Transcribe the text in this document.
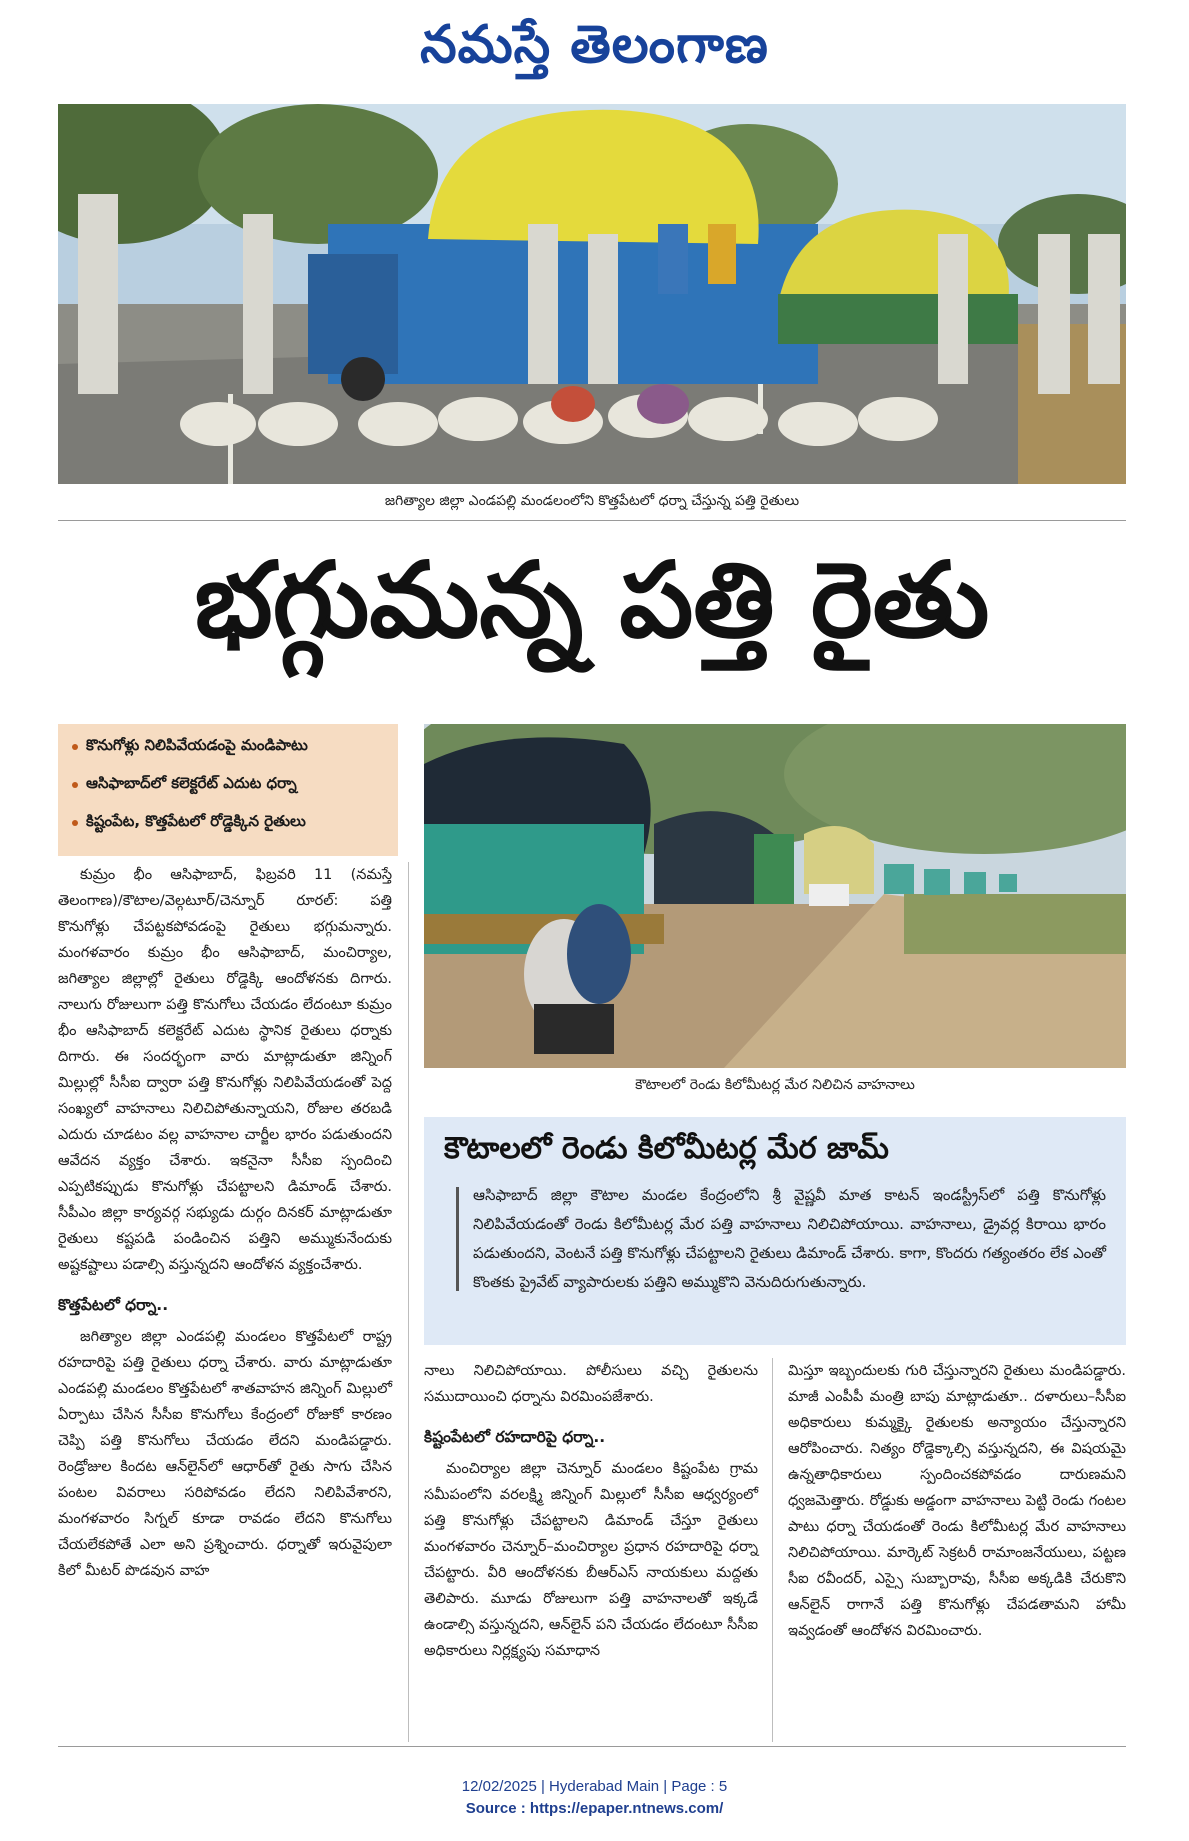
నమస్తే తెలంగాణ
జగిత్యాల జిల్లా ఎండపల్లి మండలంలోని కొత్తపేటలో ధర్నా చేస్తున్న పత్తి రైతులు
భగ్గుమన్న పత్తి రైతు
కొనుగోళ్లు నిలిపివేయడంపై మండిపాటు
ఆసిఫాబాద్‌లో కలెక్టరేట్ ఎదుట ధర్నా
కిష్టంపేట, కొత్తపేటలో రోడ్డెక్కిన రైతులు
కౌటాలలో రెండు కిలోమీటర్ల మేర నిలిచిన వాహనాలు

కుమ్రం భీం ఆసిఫాబాద్, ఫిబ్రవరి 11 (నమస్తే తెలంగాణ)/కౌటాల/వెల్గటూర్/చెన్నూర్ రూరల్: పత్తి కొనుగోళ్లు చేపట్టకపోవడంపై రైతులు భగ్గుమన్నారు. మంగళవారం కుమ్రం భీం ఆసిఫాబాద్, మంచిర్యాల, జగిత్యాల జిల్లాల్లో రైతులు రోడ్డెక్కి ఆందోళనకు దిగారు. నాలుగు రోజులుగా పత్తి కొనుగోలు చేయడం లేదంటూ కుమ్రం భీం ఆసిఫాబాద్ కలెక్టరేట్ ఎదుట స్థానిక రైతులు ధర్నాకు దిగారు. ఈ సందర్భంగా వారు మాట్లాడుతూ జిన్నింగ్ మిల్లుల్లో సీసీఐ ద్వారా పత్తి కొనుగోళ్లు నిలిపివేయడంతో పెద్ద సంఖ్యలో వాహనాలు నిలిచిపోతున్నాయని, రోజుల తరబడి ఎదురు చూడటం వల్ల వాహనాల చార్జీల భారం పడుతుందని ఆవేదన వ్యక్తం చేశారు. ఇకనైనా సీసీఐ స్పందించి ఎప్పటికప్పుడు కొనుగోళ్లు చేపట్టాలని డిమాండ్ చేశారు. సీపీఎం జిల్లా కార్యవర్గ సభ్యుడు దుర్గం దినకర్ మాట్లాడుతూ రైతులు కష్టపడి పండించిన పత్తిని అమ్ముకునేందుకు అష్టకష్టాలు పడాల్సి వస్తున్నదని ఆందోళన వ్యక్తంచేశారు.

కొత్తపేటలో ధర్నా..

జగిత్యాల జిల్లా ఎండపల్లి మండలం కొత్తపేటలో రాష్ట్ర రహదారిపై పత్తి రైతులు ధర్నా చేశారు. వారు మాట్లాడుతూ ఎండపల్లి మండలం కొత్తపేటలో శాతవాహన జిన్నింగ్ మిల్లులో ఏర్పాటు చేసిన సీసీఐ కొనుగోలు కేంద్రంలో రోజుకో కారణం చెప్పి పత్తి కొనుగోలు చేయడం లేదని మండిపడ్డారు. రెండ్రోజుల కిందట ఆన్‌లైన్‌లో ఆధార్‌తో రైతు సాగు చేసిన పంటల వివరాలు సరిపోవడం లేదని నిలిపివేశారని, మంగళవారం సిగ్నల్ కూడా రావడం లేదని కొనుగోలు చేయలేకపోతే ఎలా అని ప్రశ్నించారు. ధర్నాతో ఇరువైపులా కిలో మీటర్ పొడవున వాహ

కౌటాలలో రెండు కిలోమీటర్ల మేర జామ్
ఆసిఫాబాద్ జిల్లా కౌటాల మండల కేంద్రంలోని శ్రీ వైష్ణవీ మాత కాటన్ ఇండస్ట్రీస్‌లో పత్తి కొనుగోళ్లు నిలిపివేయడంతో రెండు కిలోమీటర్ల మేర పత్తి వాహనాలు నిలిచిపోయాయి. వాహనాలు, డ్రైవర్ల కిరాయి భారం పడుతుందని, వెంటనే పత్తి కొనుగోళ్లు చేపట్టాలని రైతులు డిమాండ్ చేశారు. కాగా, కొందరు గత్యంతరం లేక ఎంతో కొంతకు ప్రైవేట్ వ్యాపారులకు పత్తిని అమ్ముకొని వెనుదిరుగుతున్నారు.

నాలు నిలిచిపోయాయి. పోలీసులు వచ్చి రైతులను సముదాయించి ధర్నాను విరమింపజేశారు.

కిష్టంపేటలో రహదారిపై ధర్నా..

మంచిర్యాల జిల్లా చెన్నూర్ మండలం కిష్టంపేట గ్రామ సమీపంలోని వరలక్ష్మి జిన్నింగ్ మిల్లులో సీసీఐ ఆధ్వర్యంలో పత్తి కొనుగోళ్లు చేపట్టాలని డిమాండ్ చేస్తూ రైతులు మంగళవారం చెన్నూర్–మంచిర్యాల ప్రధాన రహదారిపై ధర్నా చేపట్టారు. వీరి ఆందోళనకు బీఆర్‌ఎస్ నాయకులు మద్దతు తెలిపారు. మూడు రోజులుగా పత్తి వాహనాలతో ఇక్కడే ఉండాల్సి వస్తున్నదని, ఆన్‌లైన్ పని చేయడం లేదంటూ సీసీఐ అధికారులు నిర్లక్ష్యపు సమాధాన

మిస్తూ ఇబ్బందులకు గురి చేస్తున్నారని రైతులు మండిపడ్డారు. మాజీ ఎంపీపీ మంత్రి బాపు మాట్లాడుతూ.. దళారులు–సీసీఐ అధికారులు కుమ్మక్కై రైతులకు అన్యాయం చేస్తున్నారని ఆరోపించారు. నిత్యం రోడ్డెక్కాల్సి వస్తున్నదని, ఈ విషయమై ఉన్నతాధికారులు స్పందించకపోవడం దారుణమని ధ్వజమెత్తారు. రోడ్డుకు అడ్డంగా వాహనాలు పెట్టి రెండు గంటల పాటు ధర్నా చేయడంతో రెండు కిలోమీటర్ల మేర వాహనాలు నిలిచిపోయాయి. మార్కెట్ సెక్రటరీ రామాంజనేయులు, పట్టణ సీఐ రవీందర్, ఎస్సై సుబ్బారావు, సీసీఐ అక్కడికి చేరుకొని ఆన్‌లైన్ రాగానే పత్తి కొనుగోళ్లు చేపడతామని హామీ ఇవ్వడంతో ఆందోళన విరమించారు.

12/02/2025 | Hyderabad Main | Page : 5
Source : https://epaper.ntnews.com/
